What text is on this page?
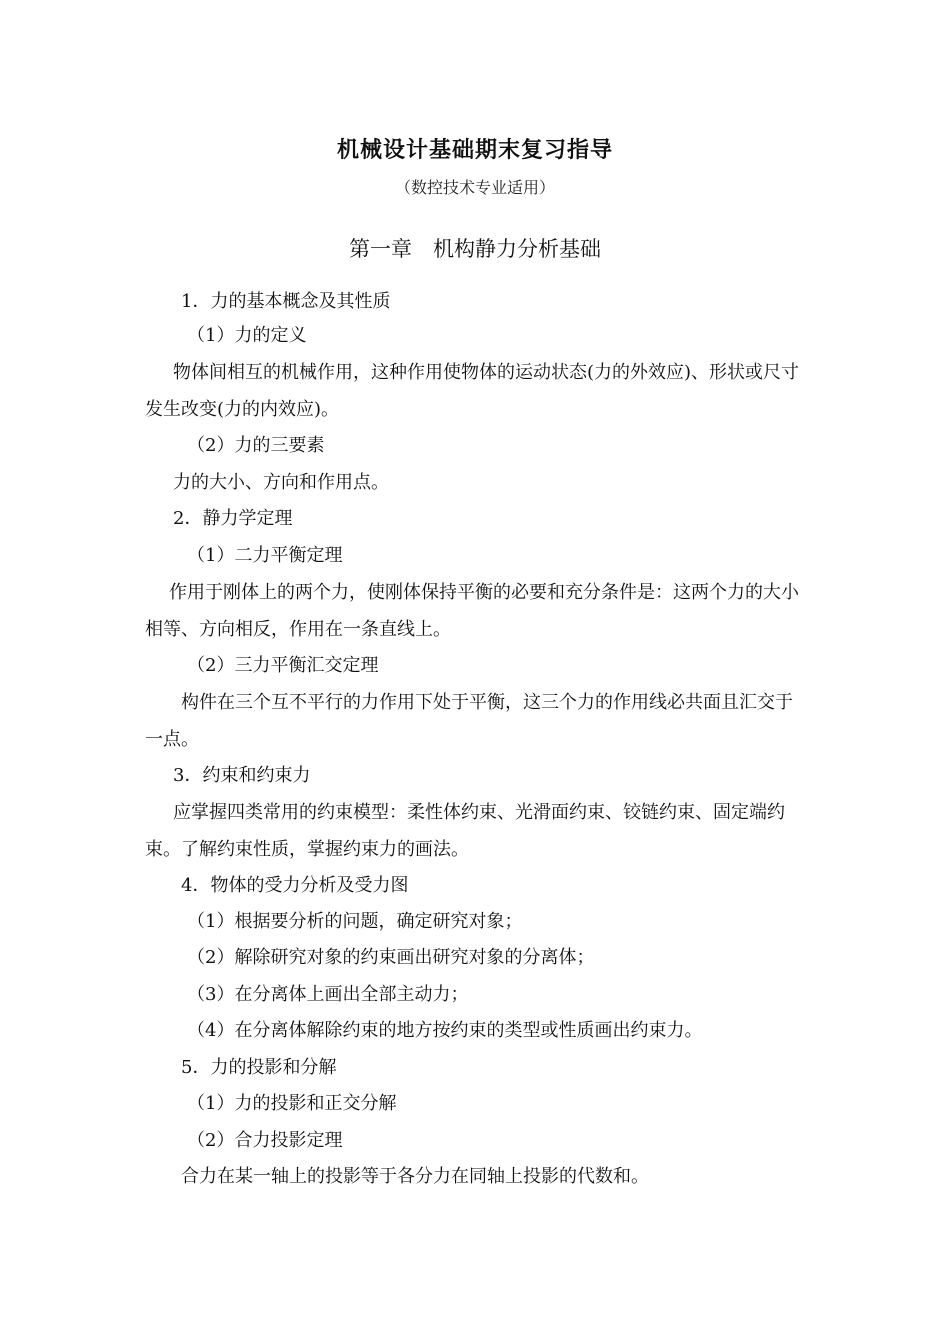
机械设计基础期末复习指导
（数控技术专业适用）
第一章　机构静力分析基础
1．力的基本概念及其性质
（1）力的定义
物体间相互的机械作用，这种作用使物体的运动状态(力的外效应)、形状或尺寸发生改变(力的内效应)。
（2）力的三要素
力的大小、方向和作用点。
2．静力学定理
（1）二力平衡定理
作用于刚体上的两个力，使刚体保持平衡的必要和充分条件是：这两个力的大小相等、方向相反，作用在一条直线上。
（2）三力平衡汇交定理
构件在三个互不平行的力作用下处于平衡，这三个力的作用线必共面且汇交于一点。
3．约束和约束力
应掌握四类常用的约束模型：柔性体约束、光滑面约束、铰链约束、固定端约束。了解约束性质，掌握约束力的画法。
4．物体的受力分析及受力图
（1）根据要分析的问题，确定研究对象；
（2）解除研究对象的约束画出研究对象的分离体；
（3）在分离体上画出全部主动力；
（4）在分离体解除约束的地方按约束的类型或性质画出约束力。
5．力的投影和分解
（1）力的投影和正交分解
（2）合力投影定理
合力在某一轴上的投影等于各分力在同轴上投影的代数和。
